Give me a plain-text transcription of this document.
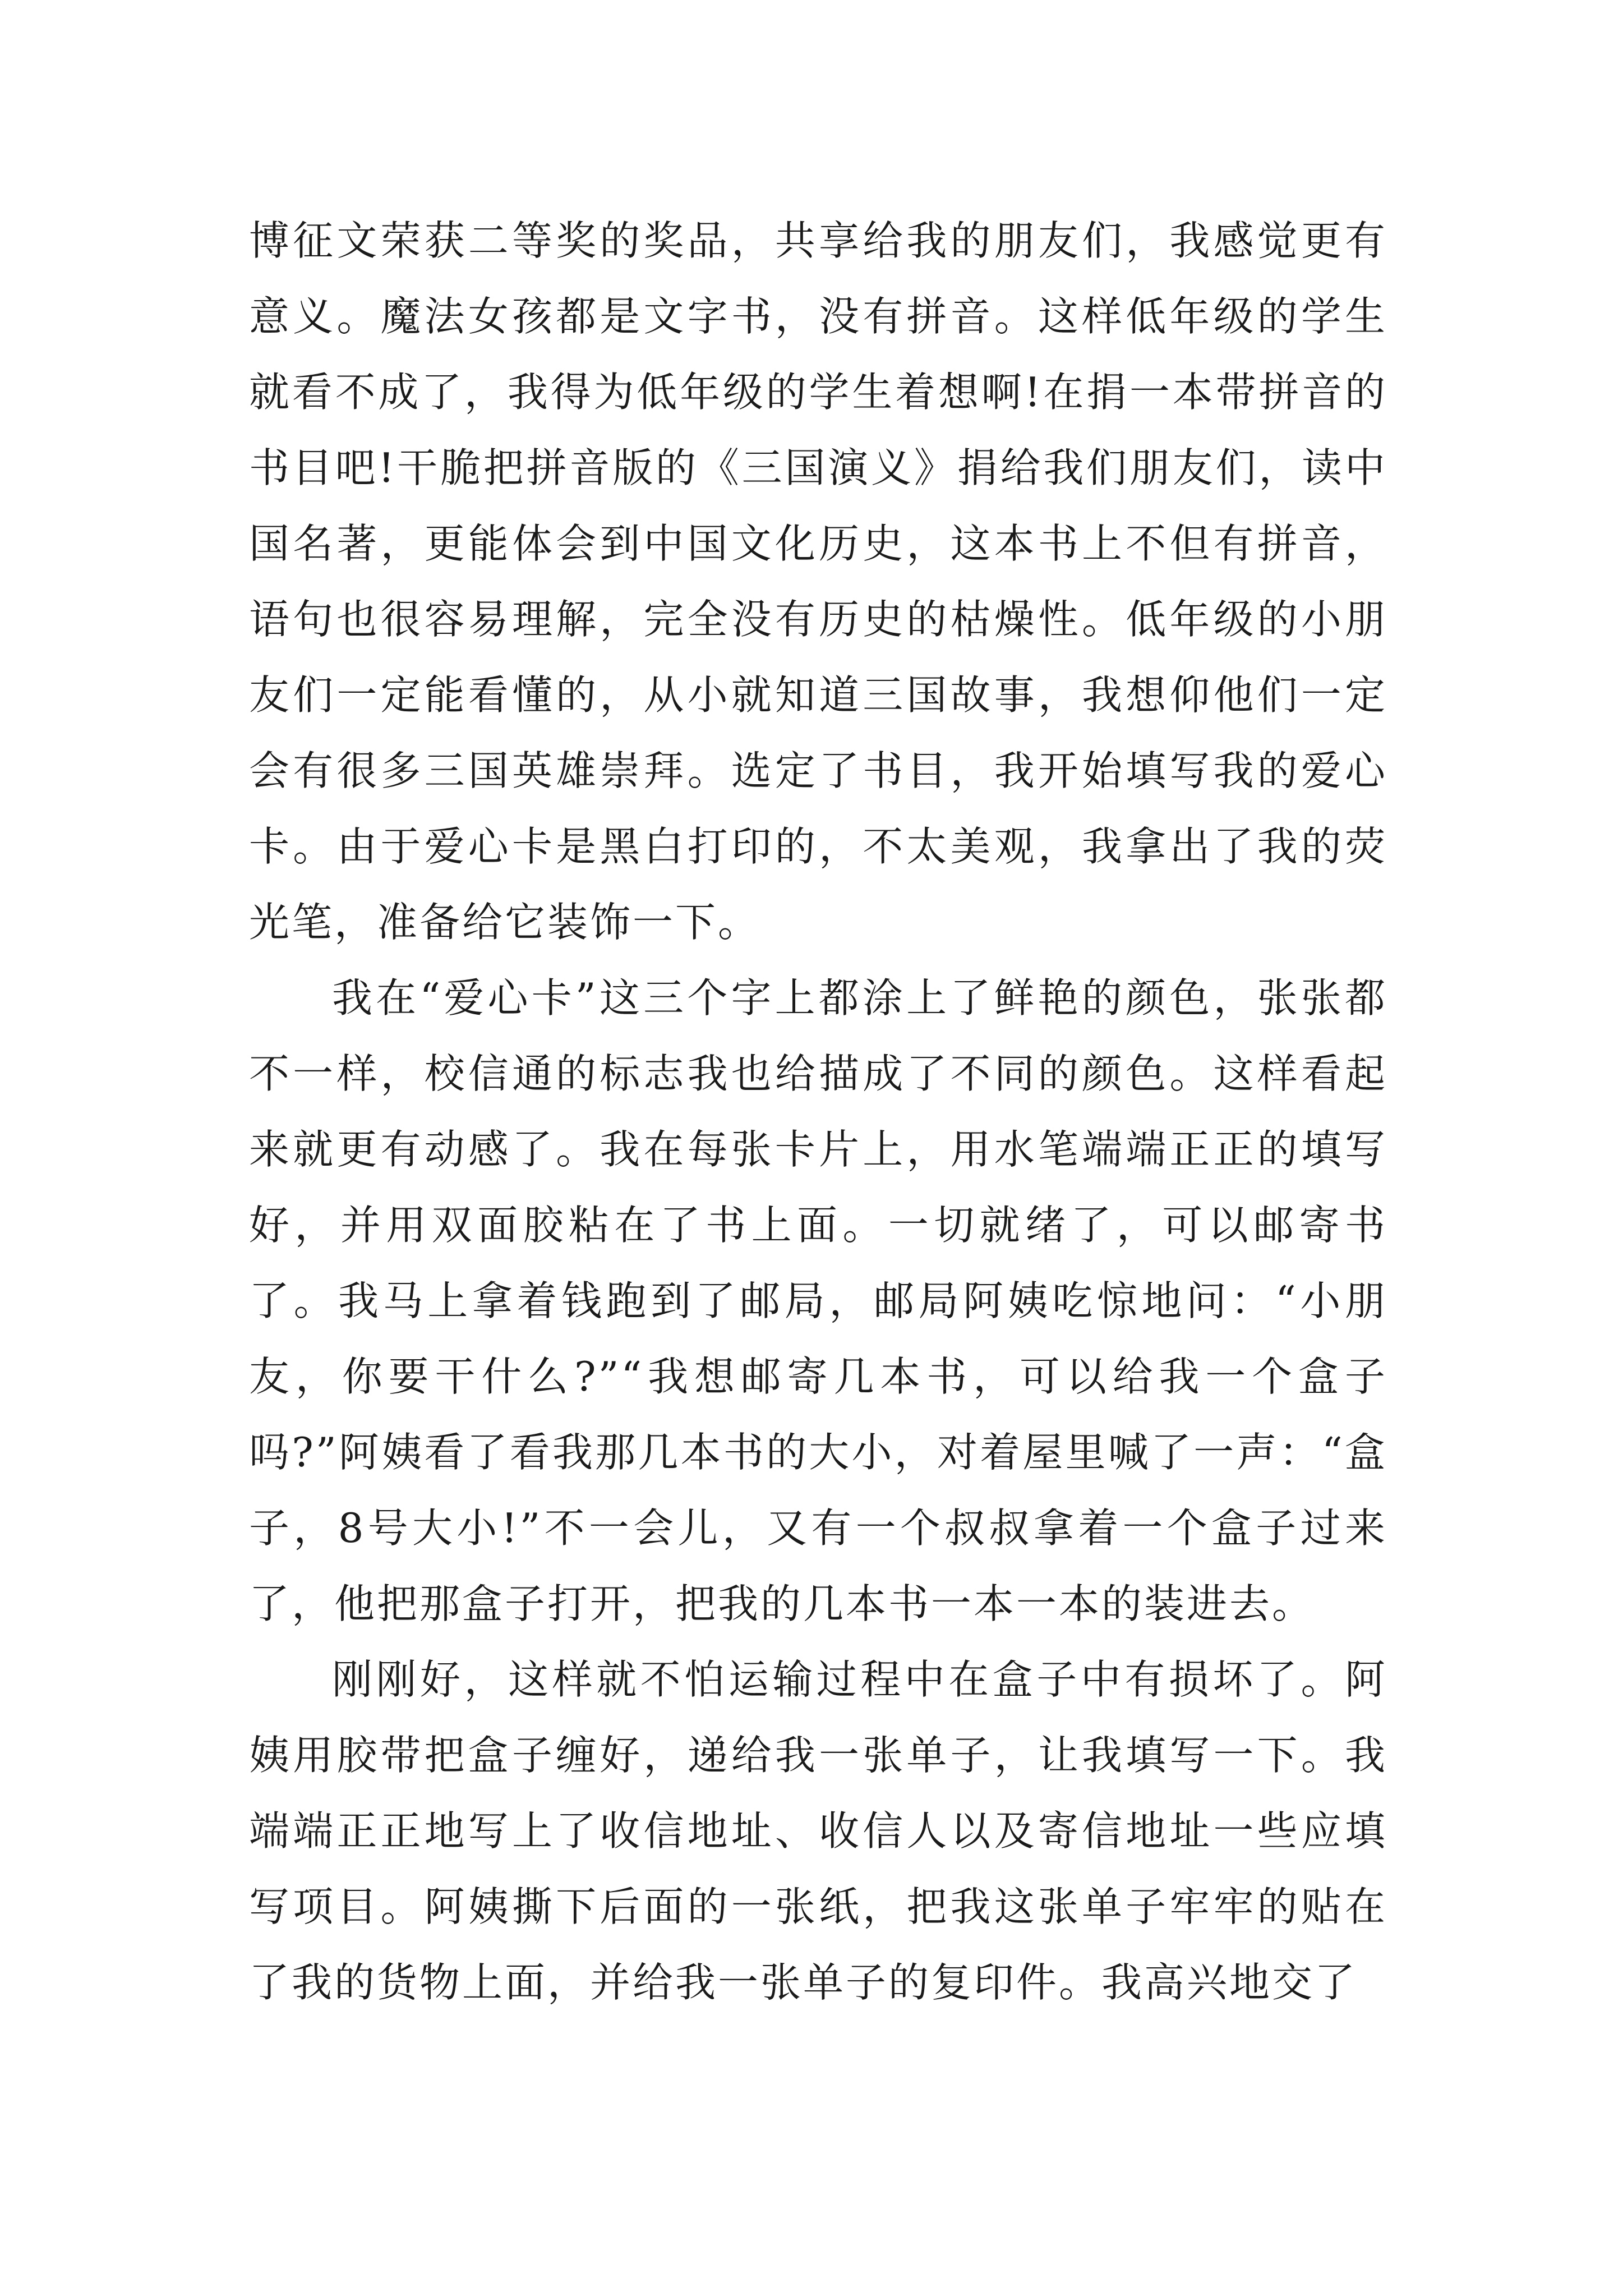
博征文荣获二等奖的奖品，共享给我的朋友们，我感觉更有意义。魔法女孩都是文字书，没有拼音。这样低年级的学生就看不成了，我得为低年级的学生着想啊!在捐一本带拼音的书目吧!干脆把拼音版的《三国演义》捐给我们朋友们，读中国名著，更能体会到中国文化历史，这本书上不但有拼音，语句也很容易理解，完全没有历史的枯燥性。低年级的小朋友们一定能看懂的，从小就知道三国故事，我想仰他们一定会有很多三国英雄崇拜。选定了书目，我开始填写我的爱心卡。由于爱心卡是黑白打印的，不太美观，我拿出了我的荧光笔，准备给它装饰一下。

我在“爱心卡”这三个字上都涂上了鲜艳的颜色，张张都不一样，校信通的标志我也给描成了不同的颜色。这样看起来就更有动感了。我在每张卡片上，用水笔端端正正的填写好，并用双面胶粘在了书上面。一切就绪了，可以邮寄书了。我马上拿着钱跑到了邮局，邮局阿姨吃惊地问：“小朋友，你要干什么?”“我想邮寄几本书，可以给我一个盒子吗?”阿姨看了看我那几本书的大小，对着屋里喊了一声：“盒子，8号大小!”不一会儿，又有一个叔叔拿着一个盒子过来了，他把那盒子打开，把我的几本书一本一本的装进去。

刚刚好，这样就不怕运输过程中在盒子中有损坏了。阿姨用胶带把盒子缠好，递给我一张单子，让我填写一下。我端端正正地写上了收信地址、收信人以及寄信地址一些应填写项目。阿姨撕下后面的一张纸，把我这张单子牢牢的贴在了我的货物上面，并给我一张单子的复印件。我高兴地交了
